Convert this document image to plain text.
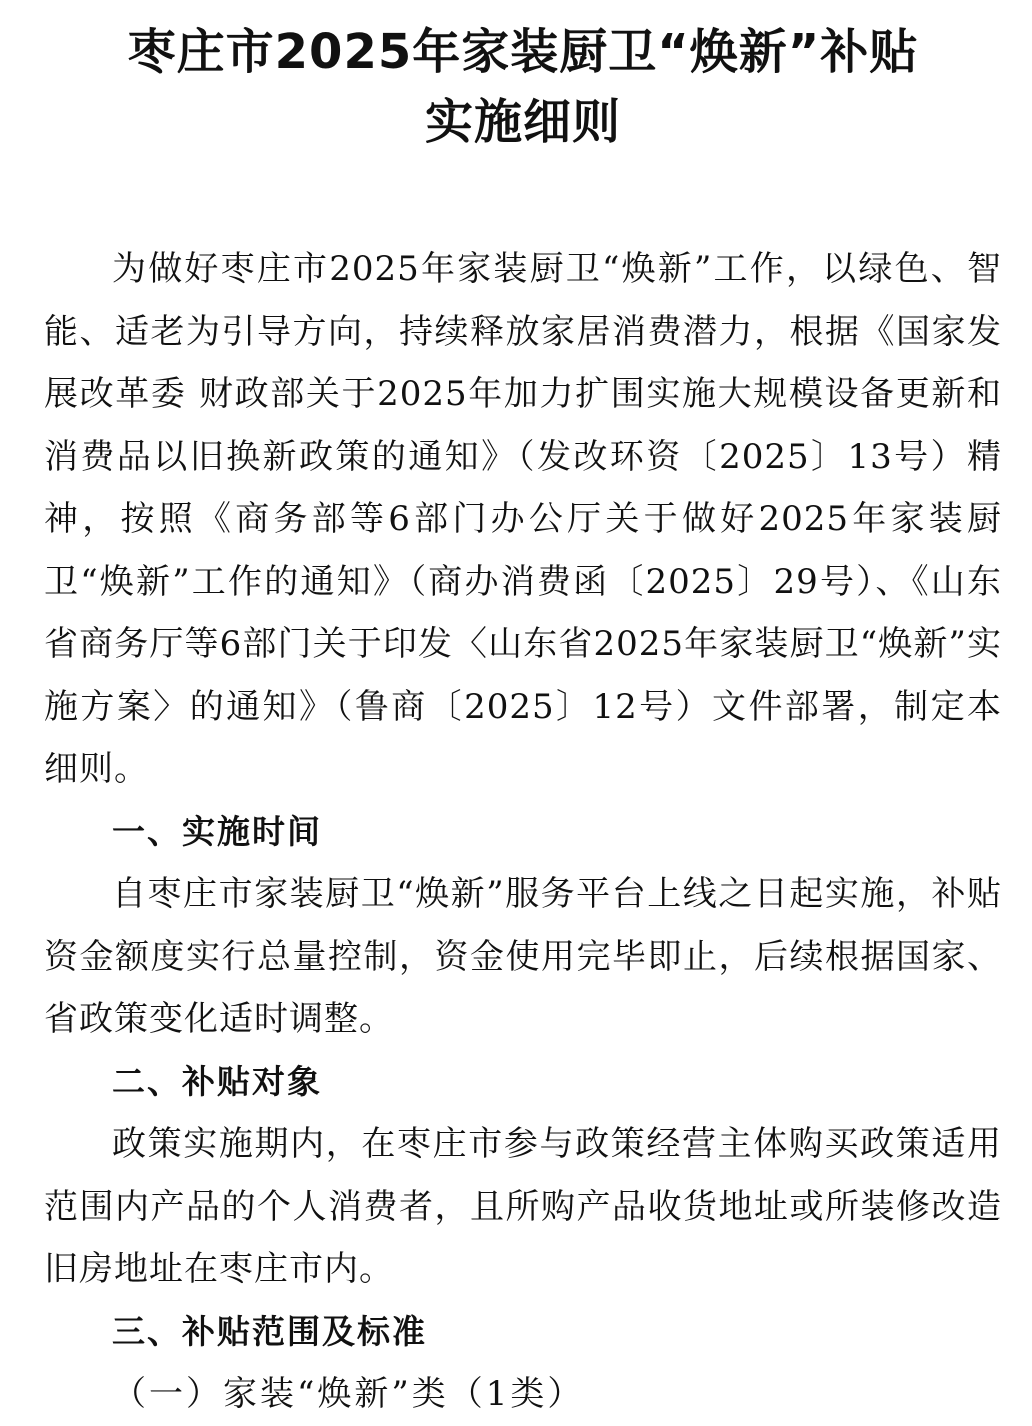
枣庄市2025年家装厨卫“焕新”补贴
实施细则

为做好枣庄市2025年家装厨卫“焕新”工作，以绿色、智能、适老为引导方向，持续释放家居消费潜力，根据《国家发展改革委 财政部关于2025年加力扩围实施大规模设备更新和消费品以旧换新政策的通知》（发改环资〔2025〕13号）精神，按照《商务部等6部门办公厅关于做好2025年家装厨卫“焕新”工作的通知》（商办消费函〔2025〕29号）、《山东省商务厅等6部门关于印发〈山东省2025年家装厨卫“焕新”实施方案〉的通知》（鲁商〔2025〕12号）文件部署，制定本细则。

一、实施时间

自枣庄市家装厨卫“焕新”服务平台上线之日起实施，补贴资金额度实行总量控制，资金使用完毕即止，后续根据国家、省政策变化适时调整。

二、补贴对象

政策实施期内，在枣庄市参与政策经营主体购买政策适用范围内产品的个人消费者，且所购产品收货地址或所装修改造旧房地址在枣庄市内。

三、补贴范围及标准

（一）家装“焕新”类（1类）
